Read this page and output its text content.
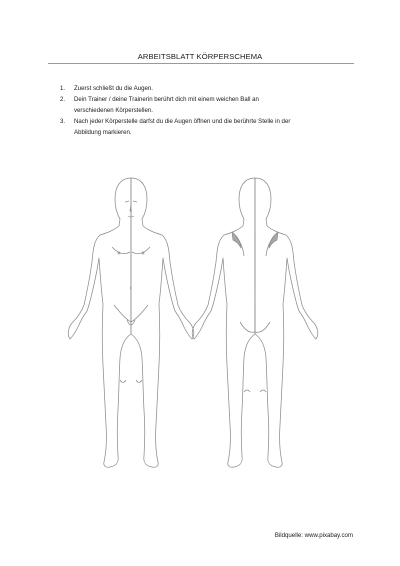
ARBEITSBLATT KÖRPERSCHEMA
1. Zuerst schließt du die Augen.
2. Dein Trainer / deine Trainerin berührt dich mit einem weichen Ball an
verschiedenen Körperstellen.
3. Nach jeder Körperstelle darfst du die Augen öffnen und die berührte Stelle in der
Abbildung markieren.
Bildquelle: www.pixabay.com
